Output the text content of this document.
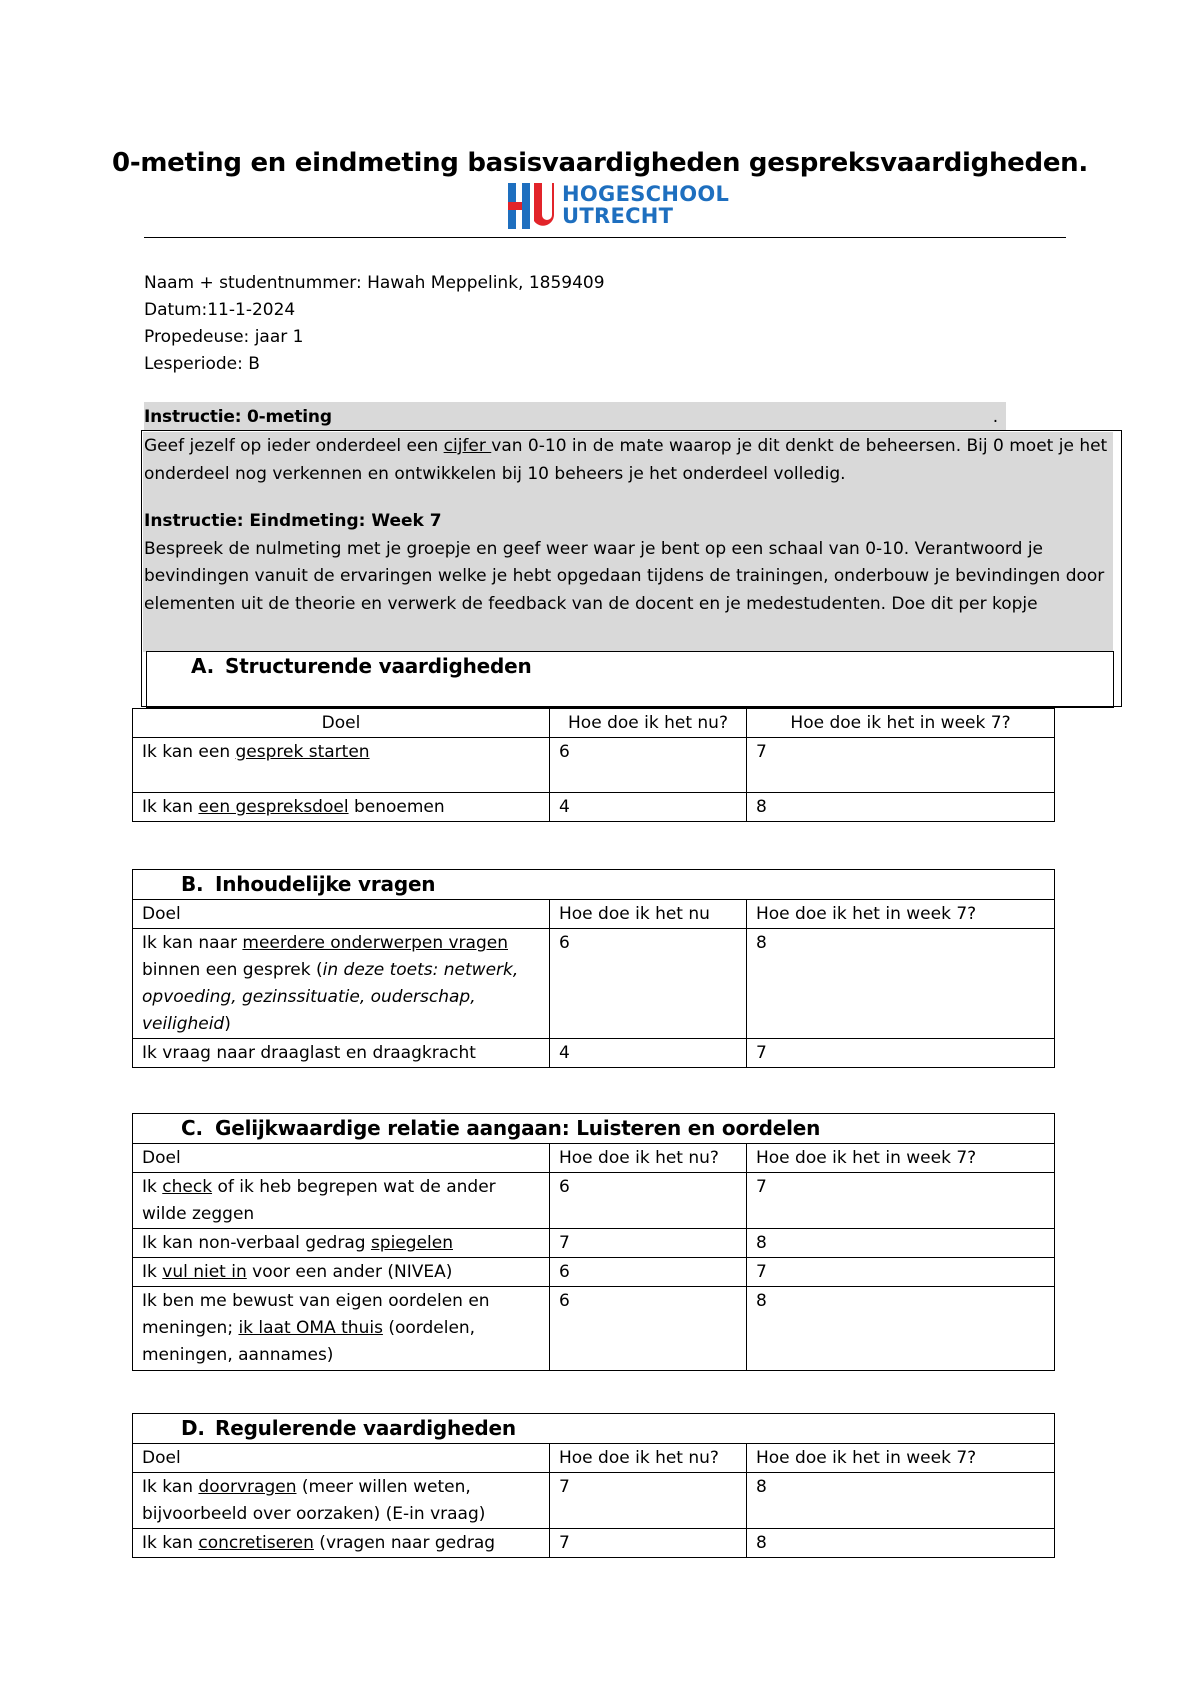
0-meting en eindmeting basisvaardigheden gespreksvaardigheden.
HOGESCHOOL
UTRECHT
Naam + studentnummer: Hawah Meppelink, 1859409
Datum:11-1-2024
Propedeuse: jaar 1
Lesperiode: B
Instructie: 0-meting	.

Geef jezelf op ieder onderdeel een cijfer van 0-10 in de mate waarop je dit denkt de beheersen. Bij 0 moet je het onderdeel nog verkennen en ontwikkelen bij 10 beheers je het onderdeel volledig.

Instructie: Eindmeting: Week 7

Bespreek de nulmeting met je groepje en geef weer waar je bent op een schaal van 0-10. Verantwoord je bevindingen vanuit de ervaringen welke je hebt opgedaan tijdens de trainingen, onderbouw je bevindingen door elementen uit de theorie en verwerk de feedback van de docent en je medestudenten. Doe dit per kopje

A. Structurende vaardigheden
Doel	Hoe doe ik het nu?	Hoe doe ik het in week 7?
Ik kan een gesprek starten	6	7
Ik kan een gespreksdoel benoemen	4	8
B. Inhoudelijke vragen		
Doel	Hoe doe ik het nu	Hoe doe ik het in week 7?
Ik kan naar meerdere onderwerpen vragen binnen een gesprek (in deze toets: netwerk, opvoeding, gezinssituatie, ouderschap, veiligheid)	6	8
Ik vraag naar draaglast en draagkracht	4	7
C. Gelijkwaardige relatie aangaan: Luisteren en oordelen		
Doel	Hoe doe ik het nu?	Hoe doe ik het in week 7?
Ik check of ik heb begrepen wat de ander wilde zeggen	6	7
Ik kan non-verbaal gedrag spiegelen	7	8
Ik vul niet in voor een ander (NIVEA)	6	7
Ik ben me bewust van eigen oordelen en meningen; ik laat OMA thuis (oordelen, meningen, aannames)	6	8
D. Regulerende vaardigheden		
Doel	Hoe doe ik het nu?	Hoe doe ik het in week 7?
Ik kan doorvragen (meer willen weten, bijvoorbeeld over oorzaken) (E-in vraag)	7	8
Ik kan concretiseren (vragen naar gedrag	7	8
